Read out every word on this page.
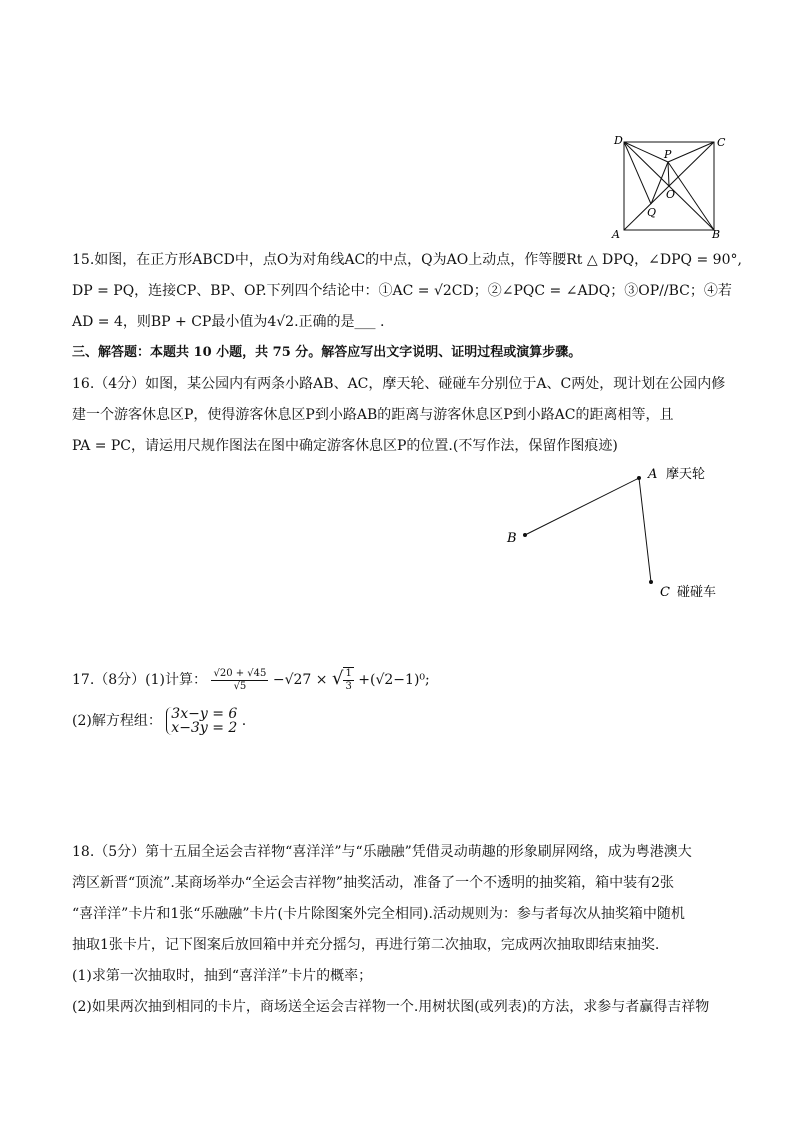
D	C
P
O
Q
A	B
15.如图，在正方形ABCD中，点O为对角线AC的中点，Q为AO上动点，作等腰Rt △ DPQ，∠DPQ = 90°,
DP = PQ，连接CP、BP、OP.下列四个结论中：①AC = √2CD；②∠PQC = ∠ADQ；③OP//BC；④若
AD = 4，则BP + CP最小值为4√2.正确的是___ .
三、解答题：本题共 10 小题，共 75 分。解答应写出文字说明、证明过程或演算步骤。
16.（4分）如图，某公园内有两条小路AB、AC，摩天轮、碰碰车分别位于A、C两处，现计划在公园内修
建一个游客休息区P，使得游客休息区P到小路AB的距离与游客休息区P到小路AC的距离相等，且
PA = PC，请运用尺规作图法在图中确定游客休息区P的位置.(不写作法，保留作图痕迹)
A 摩天轮
B
C 碰碰车
17.（8分）(1)计算： $\frac{√20 + √45}{√5} -√27$ × √ $\frac{1}{3} +(√2-1)^0$;
(2)解方程组： 3x−y = 6
x−3y = 2 .
18.（5分）第十五届全运会吉祥物“喜洋洋”与“乐融融”凭借灵动萌趣的形象刷屏网络，成为粤港澳大
湾区新晋“顶流”.某商场举办“全运会吉祥物”抽奖活动，准备了一个不透明的抽奖箱，箱中装有2张
“喜洋洋”卡片和1张“乐融融”卡片(卡片除图案外完全相同).活动规则为：参与者每次从抽奖箱中随机
抽取1张卡片，记下图案后放回箱中并充分摇匀，再进行第二次抽取，完成两次抽取即结束抽奖.
(1)求第一次抽取时，抽到“喜洋洋”卡片的概率；
(2)如果两次抽到相同的卡片，商场送全运会吉祥物一个.用树状图(或列表)的方法，求参与者赢得吉祥物
